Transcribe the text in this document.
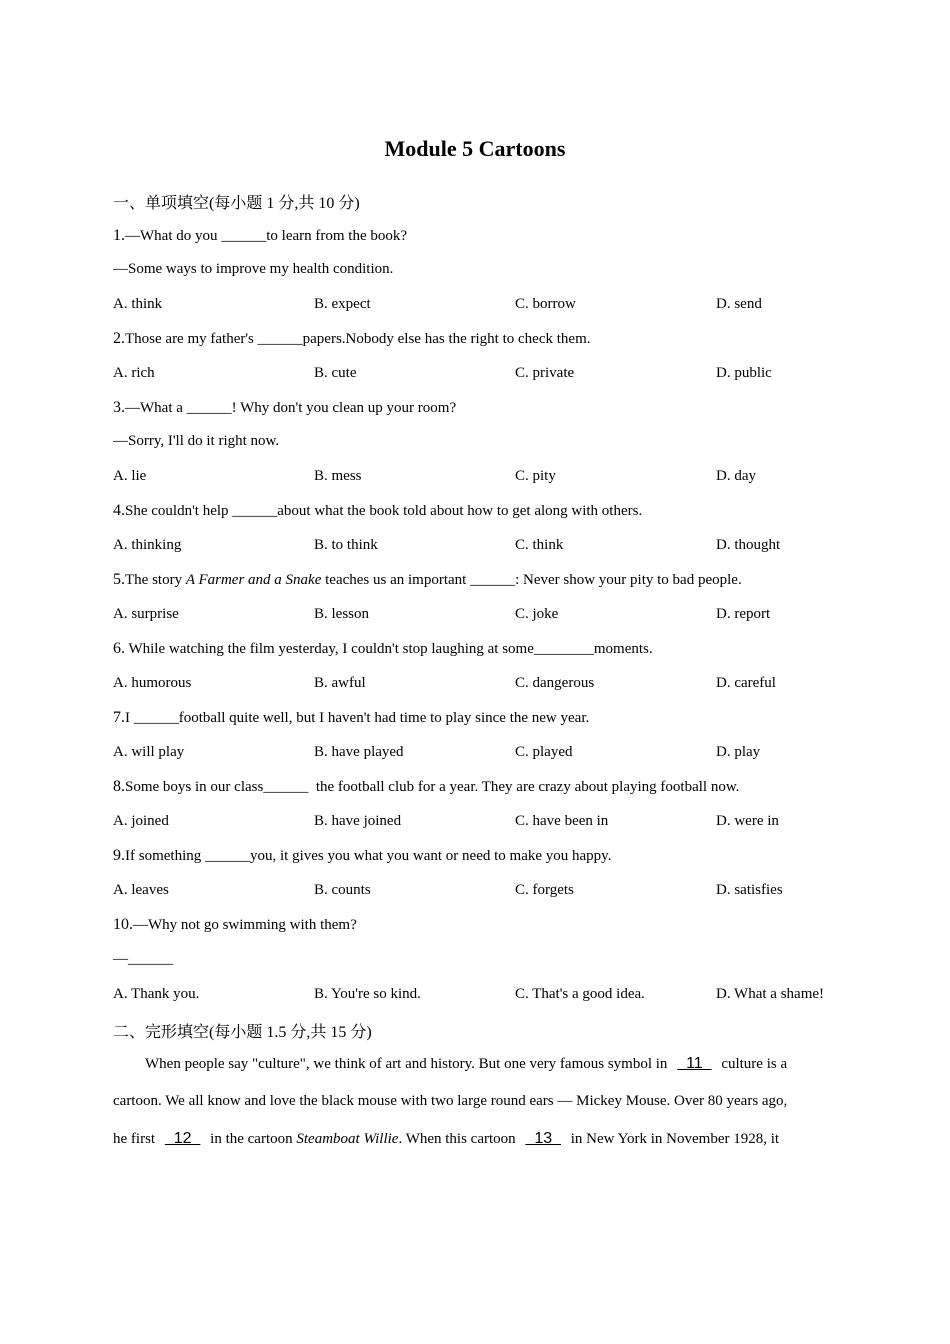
Module 5 Cartoons
一、单项填空(每小题 1 分,共 10 分)
1.—What do you ______to learn from the book?
—Some ways to improve my health condition.
A. think	B. expect	C. borrow	D. send
2.Those are my father's ______papers.Nobody else has the right to check them.
A. rich	B. cute	C. private	D. public
3.—What a ______! Why don't you clean up your room?
—Sorry, I'll do it right now.
A. lie	B. mess	C. pity	D. day
4.She couldn't help ______about what the book told about how to get along with others.
A. thinking	B. to think	C. think	D. thought
5.The story A Farmer and a Snake teaches us an important ______: Never show your pity to bad people.
A. surprise	B. lesson	C. joke	D. report
6. While watching the film yesterday, I couldn't stop laughing at some________moments.
A. humorous	B. awful	C. dangerous	D. careful
7.I ______football quite well, but I haven't had time to play since the new year.
A. will play	B. have played	C. played	D. play
8.Some boys in our class______  the football club for a year. They are crazy about playing football now.
A. joined	B. have joined	C. have been in	D. were in
9.If something ______you, it gives you what you want or need to make you happy.
A. leaves	B. counts	C. forgets	D. satisfies
10.—Why not go swimming with them?
—______
A. Thank you.	B. You're so kind.	C. That's a good idea.	D. What a shame!
二、完形填空(每小题 1.5 分,共 15 分)
When people say "culture", we think of art and history. But one very famous symbol in   11   culture is a
cartoon. We all know and love the black mouse with two large round ears — Mickey Mouse. Over 80 years ago,
he first   12   in the cartoon Steamboat Willie. When this cartoon   13   in New York in November 1928, it
